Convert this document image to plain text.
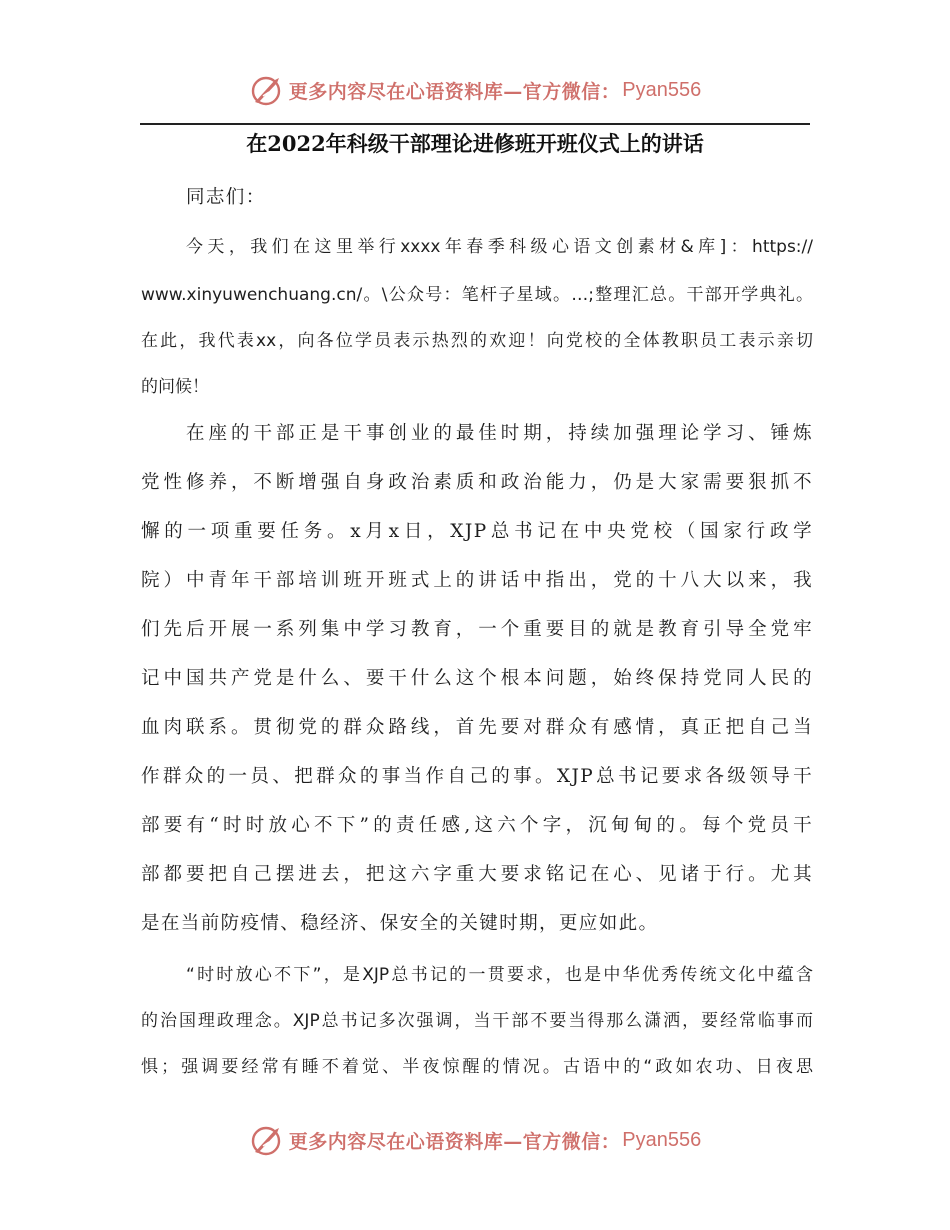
更多内容尽在心语资料库—官方微信： Pyan556
在2022年科级干部理论进修班开班仪式上的讲话
同志们：
今天，我们在这里举行xxxx年春季科级心语文创素材&库]：https://
www.xinyuwenchuang.cn/。\公众号：笔杆子星域。…;整理汇总。干部开学典礼。
在此，我代表xx，向各位学员表示热烈的欢迎！向党校的全体教职员工表示亲切
的问候！
在座的干部正是干事创业的最佳时期，持续加强理论学习、锤炼
党性修养，不断增强自身政治素质和政治能力，仍是大家需要狠抓不
懈的一项重要任务。x月x日，XJP总书记在中央党校（国家行政学
院）中青年干部培训班开班式上的讲话中指出，党的十八大以来，我
们先后开展一系列集中学习教育，一个重要目的就是教育引导全党牢
记中国共产党是什么、要干什么这个根本问题，始终保持党同人民的
血肉联系。贯彻党的群众路线，首先要对群众有感情，真正把自己当
作群众的一员、把群众的事当作自己的事。XJP总书记要求各级领导干
部要有“时时放心不下”的责任感,这六个字，沉甸甸的。每个党员干
部都要把自己摆进去，把这六字重大要求铭记在心、见诸于行。尤其
是在当前防疫情、稳经济、保安全的关键时期，更应如此。
“时时放心不下”，是XJP总书记的一贯要求，也是中华优秀传统文化中蕴含
的治国理政理念。XJP总书记多次强调，当干部不要当得那么潇洒，要经常临事而
惧；强调要经常有睡不着觉、半夜惊醒的情况。古语中的“政如农功、日夜思
更多内容尽在心语资料库—官方微信： Pyan556
